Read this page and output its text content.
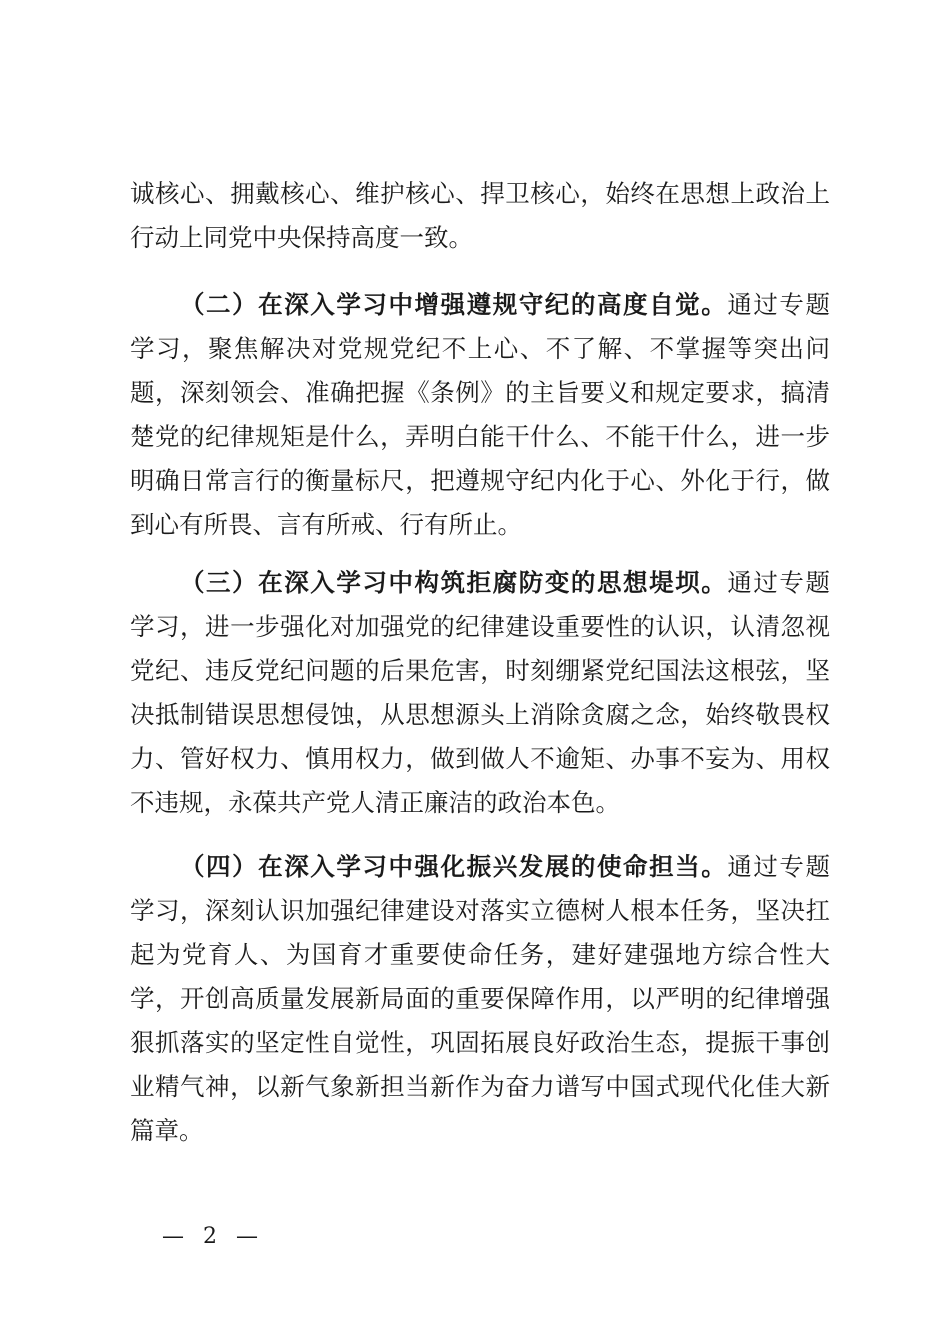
诚核心、拥戴核心、维护核心、捍卫核心，始终在思想上政治上
行动上同党中央保持高度一致。
（二）在深入学习中增强遵规守纪的高度自觉。通过专题
学习，聚焦解决对党规党纪不上心、不了解、不掌握等突出问
题，深刻领会、准确把握《条例》的主旨要义和规定要求，搞清
楚党的纪律规矩是什么，弄明白能干什么、不能干什么，进一步
明确日常言行的衡量标尺，把遵规守纪内化于心、外化于行，做
到心有所畏、言有所戒、行有所止。
（三）在深入学习中构筑拒腐防变的思想堤坝。通过专题
学习，进一步强化对加强党的纪律建设重要性的认识，认清忽视
党纪、违反党纪问题的后果危害，时刻绷紧党纪国法这根弦，坚
决抵制错误思想侵蚀，从思想源头上消除贪腐之念，始终敬畏权
力、管好权力、慎用权力，做到做人不逾矩、办事不妄为、用权
不违规，永葆共产党人清正廉洁的政治本色。
（四）在深入学习中强化振兴发展的使命担当。通过专题
学习，深刻认识加强纪律建设对落实立德树人根本任务，坚决扛
起为党育人、为国育才重要使命任务，建好建强地方综合性大
学，开创高质量发展新局面的重要保障作用，以严明的纪律增强
狠抓落实的坚定性自觉性，巩固拓展良好政治生态，提振干事创
业精气神，以新气象新担当新作为奋力谱写中国式现代化佳大新
篇章。
— 2 —
